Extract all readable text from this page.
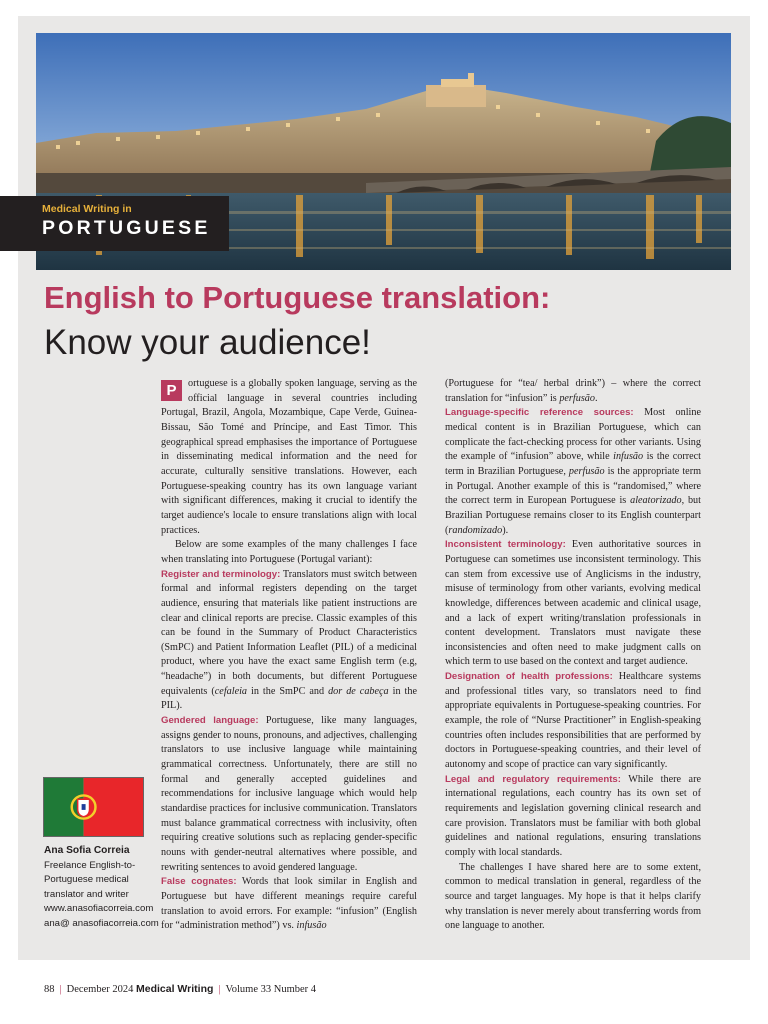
Medical Writing in
PORTUGUESE
English to Portuguese translation:
Know your audience!

P	ortuguese is a globally spoken language, serving as the official language in several countries including Portugal, Brazil, Angola, Mozambique, Cape Verde, Guinea-Bissau, São Tomé and Príncipe, and East Timor. This geographical spread emphasises the importance of Portuguese in disseminating medical information and the need for accurate, culturally sensitive translations. However, each Portuguese-speaking country has its own language variant with significant differences, making it crucial to identify the target audience's locale to ensure translations align with local practices.

Below are some examples of the many challenges I face when translating into Portuguese (Portugal variant):

Register and terminology: Translators must switch between formal and informal registers depending on the target audience, ensuring that materials like patient instructions are clear and clinical reports are precise. Classic examples of this can be found in the Summary of Product Characteristics (SmPC) and Patient Information Leaflet (PIL) of a medicinal product, where you have the exact same English term (e.g, “headache”) in both documents, but different Portuguese equivalents (cefaleia in the SmPC and dor de cabeça in the PIL).

Gendered language: Portuguese, like many languages, assigns gender to nouns, pronouns, and adjectives, challenging translators to use inclusive language while maintaining grammatical correctness. Unfortunately, there are still no formal and generally accepted guidelines and recommendations for inclusive language which would help standardise practices for inclusive communication. Translators must balance grammatical correctness with inclusivity, often requiring creative solutions such as replacing gender-specific nouns with gender-neutral alternatives where possible, and rewriting sentences to avoid gendered language.

False cognates: Words that look similar in English and Portuguese but have different meanings require careful translation to avoid errors. For example: “infusion” (English for “administration method”) vs. infusão

(Portuguese for “tea/ herbal drink”) – where the correct translation for “infusion” is perfusão.

Language-specific reference sources: Most online medical content is in Brazilian Portuguese, which can complicate the fact-checking process for other variants. Using the example of “infusion” above, while infusão is the correct term in Brazilian Portuguese, perfusão is the appropriate term in Portugal. Another example of this is “randomised,” where the correct term in European Portuguese is aleatorizado, but Brazilian Portuguese remains closer to its English counterpart (randomizado).

Inconsistent terminology: Even authoritative sources in Portuguese can sometimes use inconsistent terminology. This can stem from excessive use of Anglicisms in the industry, misuse of terminology from other variants, evolving medical knowledge, differences between academic and clinical usage, and a lack of expert writing/translation professionals in content development. Translators must navigate these inconsistencies and often need to make judgment calls on which term to use based on the context and target audience.

Designation of health professions: Healthcare systems and professional titles vary, so translators need to find appropriate equivalents in Portuguese-speaking countries. For example, the role of “Nurse Practitioner” in English-speaking countries often includes responsibilities that are performed by doctors in Portuguese-speaking countries, and their level of autonomy and scope of practice can vary significantly.

Legal and regulatory requirements: While there are international regulations, each country has its own set of requirements and legislation governing clinical research and care provision. Translators must be familiar with both global guidelines and national regulations, ensuring translations comply with local standards.

The challenges I have shared here are to some extent, common to medical translation in general, regardless of the source and target languages. My hope is that it helps clarify why translation is never merely about transferring words from one language to another.

Ana Sofia Correia
Freelance English-to-
Portuguese medical
translator and writer
www.anasofiacorreia.com
ana@ anasofiacorreia.com
88 | December 2024 Medical Writing | Volume 33 Number 4
